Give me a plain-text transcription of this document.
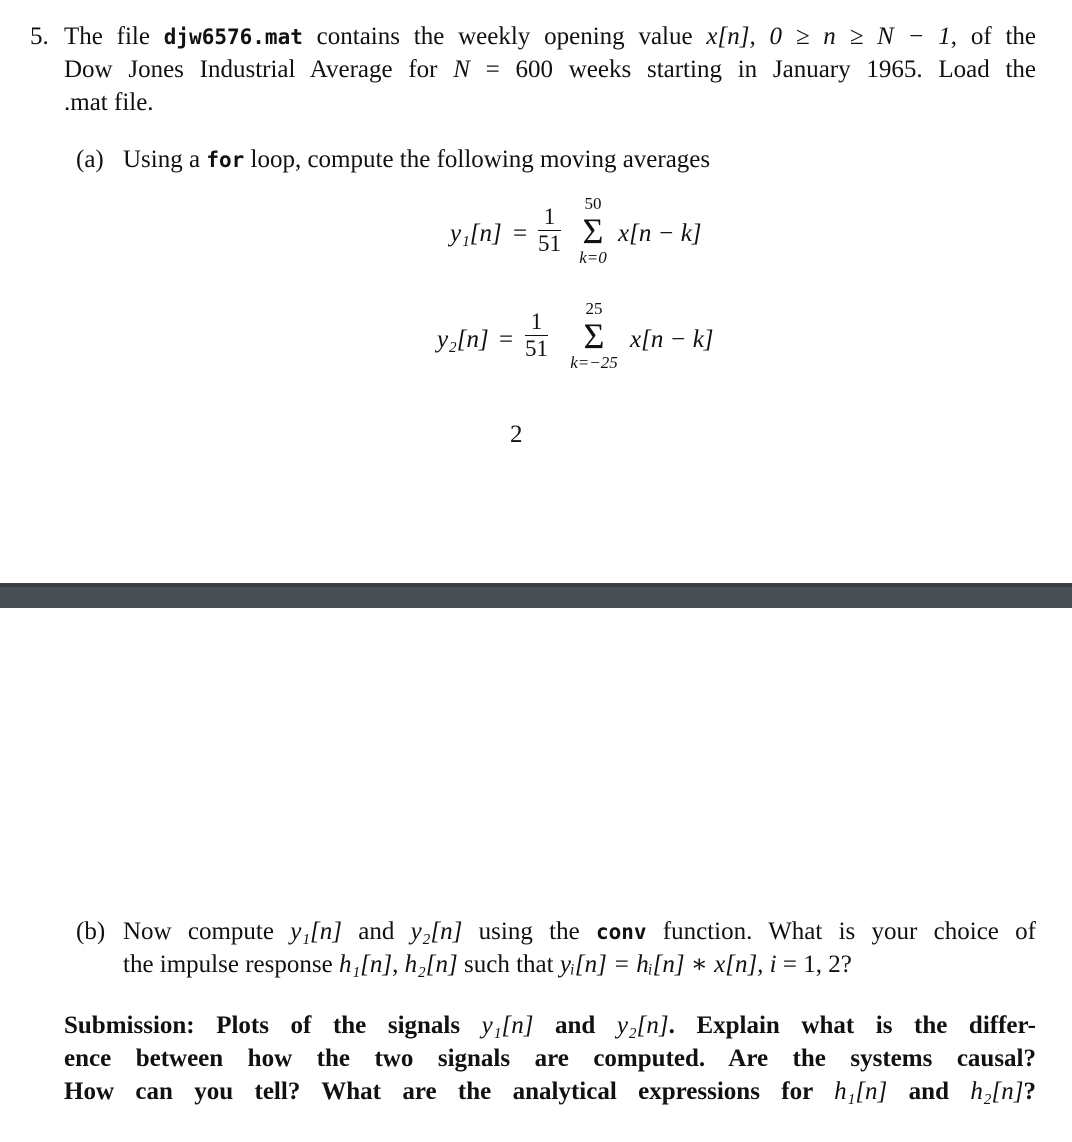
5. The file djw6576.mat contains the weekly opening value x[n], 0 ≥ n ≥ N − 1, of the
Dow Jones Industrial Average for N = 600 weeks starting in January 1965. Load the
.mat file.
(a) Using a for loop, compute the following moving averages
$y_1[n] = \frac{1}{51}$
50
Σ
k=0
x[n − k]
$y_2[n] = \frac{1}{51}$
25
Σ
k=−25
x[n − k]
2
(b) Now compute y₁[n] and y₂[n] using the conv function. What is your choice of
the impulse response h₁[n], h₂[n] such that yᵢ[n] = hᵢ[n] ∗ x[n], i = 1, 2?
Submission: Plots of the signals y₁[n] and y₂[n]. Explain what is the differ-
ence between how the two signals are computed. Are the systems causal?
How can you tell? What are the analytical expressions for h₁[n] and h₂[n]?
